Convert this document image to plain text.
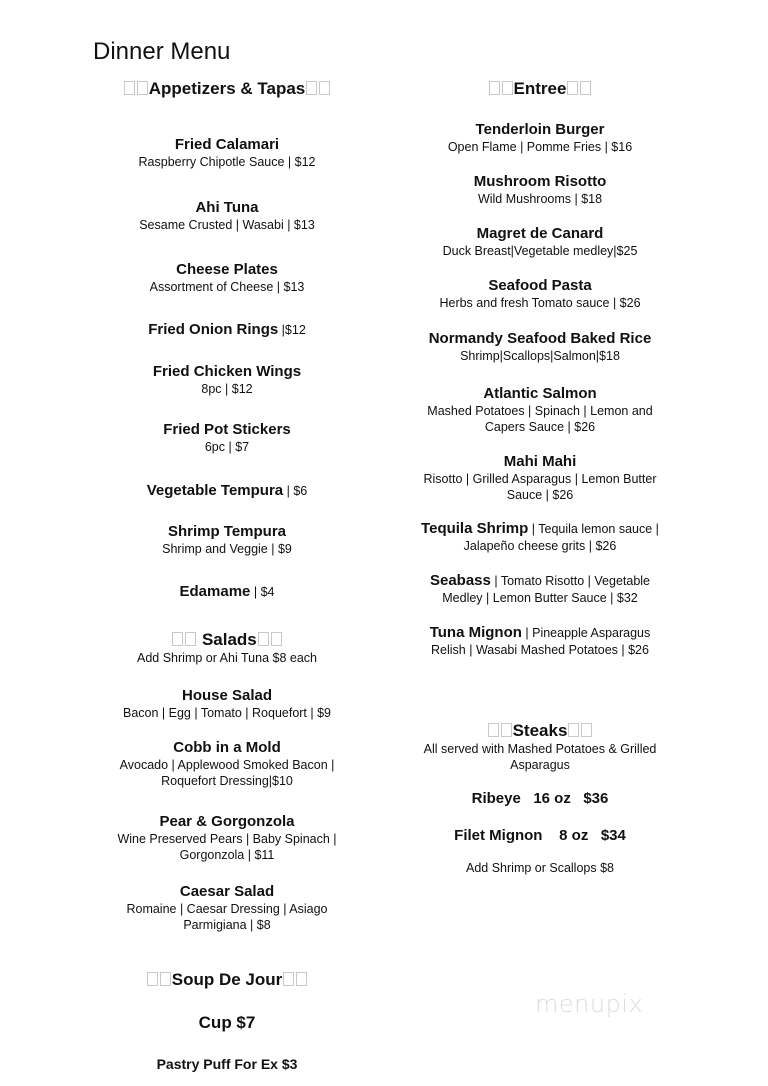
Dinner Menu
Appetizers & Tapas
Fried Calamari
Raspberry Chipotle Sauce | $12
Ahi Tuna
Sesame Crusted | Wasabi | $13
Cheese Plates
Assortment of Cheese | $13
Fried Onion Rings |$12
Fried Chicken Wings
8pc | $12
Fried Pot Stickers
6pc | $7
Vegetable Tempura | $6
Shrimp Tempura
Shrimp and Veggie | $9
Edamame | $4
Salads
Add Shrimp or Ahi Tuna $8 each
House Salad
Bacon | Egg | Tomato | Roquefort | $9
Cobb in a Mold
Avocado | Applewood Smoked Bacon |
Roquefort Dressing|$10
Pear & Gorgonzola
Wine Preserved Pears | Baby Spinach |
Gorgonzola | $11
Caesar Salad
Romaine | Caesar Dressing | Asiago
Parmigiana | $8
Soup De Jour
Cup $7
Pastry Puff For Ex $3
Entree
Tenderloin Burger
Open Flame | Pomme Fries | $16
Mushroom Risotto
Wild Mushrooms | $18
Magret de Canard
Duck Breast|Vegetable medley|$25
Seafood Pasta
Herbs and fresh Tomato sauce | $26
Normandy Seafood Baked Rice
Shrimp|Scallops|Salmon|$18
Atlantic Salmon
Mashed Potatoes | Spinach | Lemon and
Capers Sauce | $26
Mahi Mahi
Risotto | Grilled Asparagus | Lemon Butter
Sauce | $26
Tequila Shrimp | Tequila lemon sauce |
Jalapeño cheese grits | $26
Seabass | Tomato Risotto | Vegetable
Medley | Lemon Butter Sauce | $32
Tuna Mignon | Pineapple Asparagus
Relish | Wasabi Mashed Potatoes | $26
Steaks
All served with Mashed Potatoes & Grilled
Asparagus
Ribeye   16 oz   $36
Filet Mignon    8 oz   $34
Add Shrimp or Scallops $8
menupix
